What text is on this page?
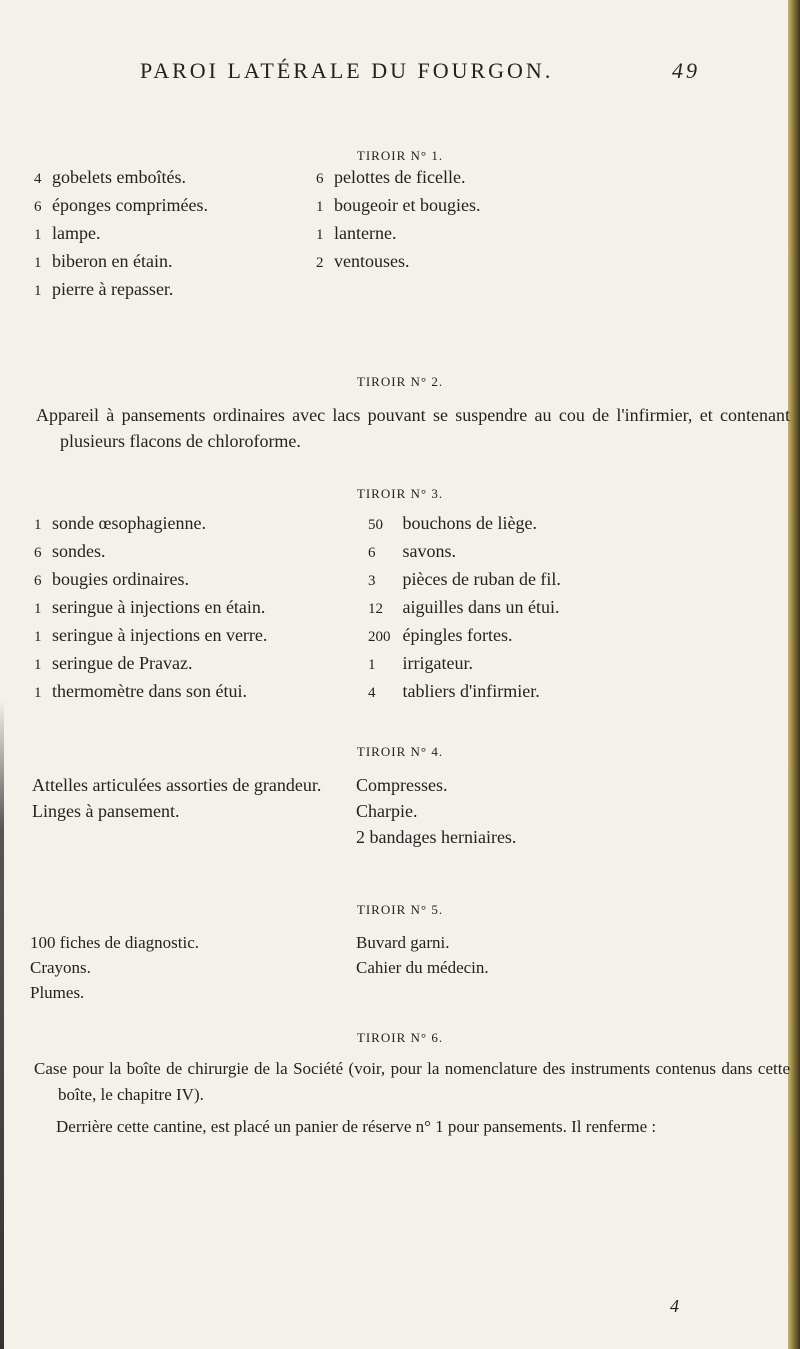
PAROI LATÉRALE DU FOURGON.	49
TIROIR N° 1.
4 gobelets emboîtés.
6 éponges comprimées.
1 lampe.
1 biberon en étain.
1 pierre à repasser.
6 pelottes de ficelle.
1 bougeoir et bougies.
1 lanterne.
2 ventouses.
TIROIR N° 2.
Appareil à pansements ordinaires avec lacs pouvant se suspendre au cou de l'infirmier, et contenant plusieurs flacons de chloroforme.
TIROIR N° 3.
1 sonde œsophagienne.
6 sondes.
6 bougies ordinaires.
1 seringue à injections en étain.
1 seringue à injections en verre.
1 seringue de Pravaz.
1 thermomètre dans son étui.
50 bouchons de liège.
6 savons.
3 pièces de ruban de fil.
12 aiguilles dans un étui.
200 épingles fortes.
1 irrigateur.
4 tabliers d'infirmier.
TIROIR N° 4.
Attelles articulées assorties de grandeur.
Linges à pansement.
Compresses.
Charpie.
2 bandages herniaires.
TIROIR N° 5.
100 fiches de diagnostic.
Crayons.
Plumes.
Buvard garni.
Cahier du médecin.
TIROIR N° 6.
Case pour la boîte de chirurgie de la Société (voir, pour la nomenclature des instruments contenus dans cette boîte, le chapitre IV).
Derrière cette cantine, est placé un panier de réserve n° 1 pour pansements. Il renferme :
4
